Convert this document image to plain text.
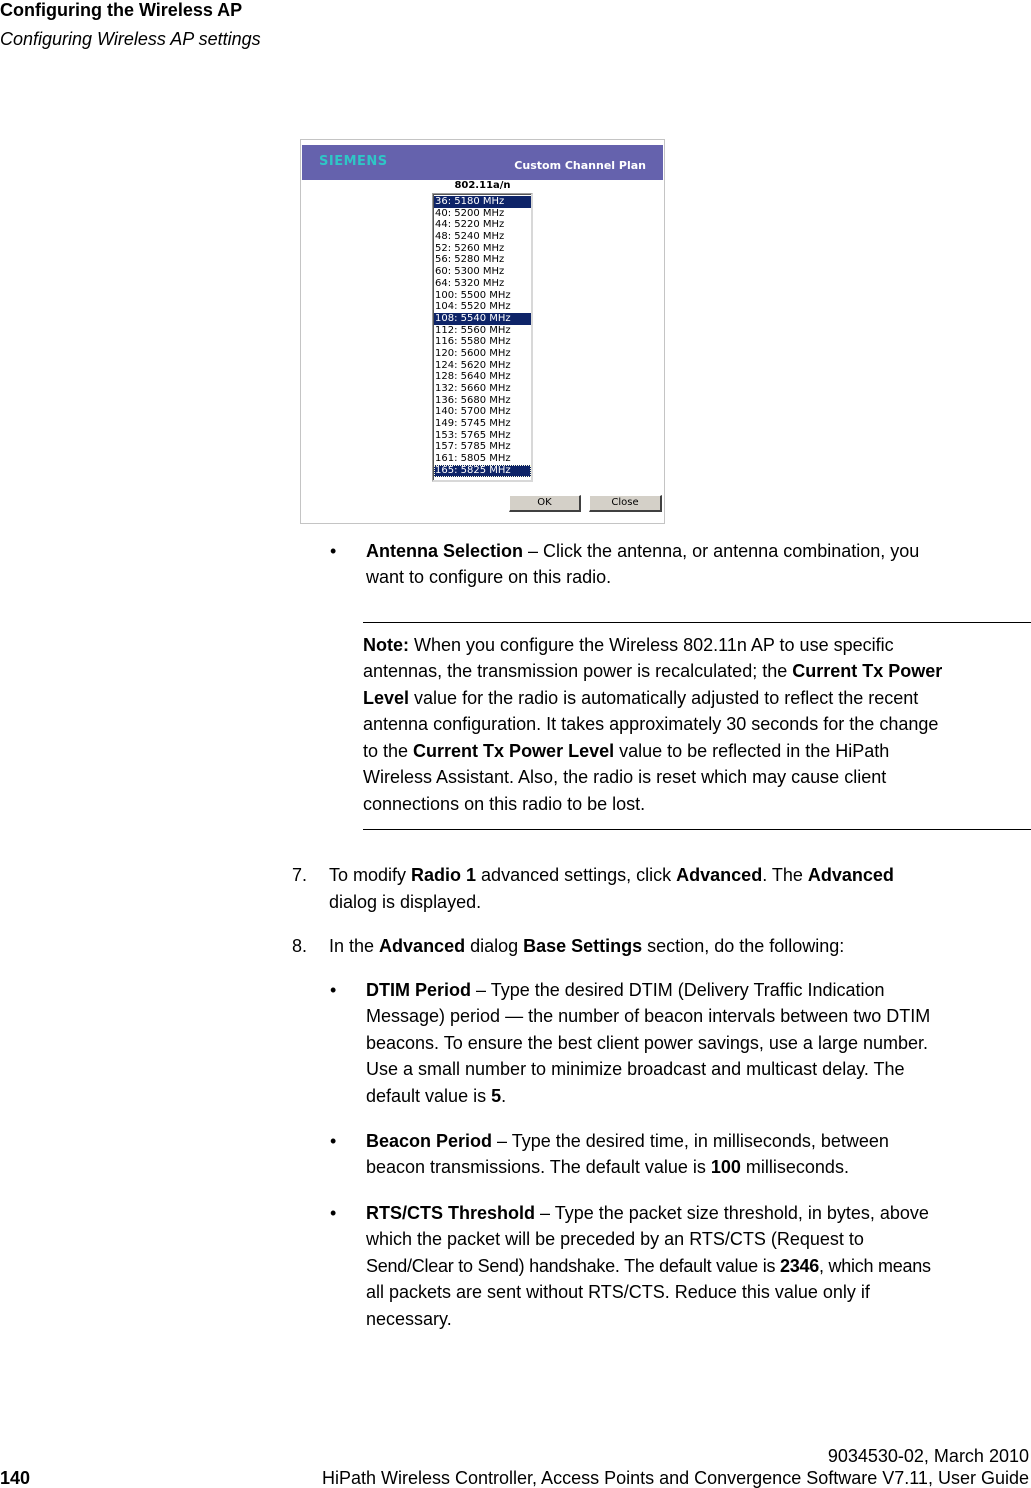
Configuring the Wireless AP
Configuring Wireless AP settings
SIEMENS	Custom Channel Plan
802.11a/n
36: 5180 MHz
40: 5200 MHz
44: 5220 MHz
48: 5240 MHz
52: 5260 MHz
56: 5280 MHz
60: 5300 MHz
64: 5320 MHz
100: 5500 MHz
104: 5520 MHz
108: 5540 MHz
112: 5560 MHz
116: 5580 MHz
120: 5600 MHz
124: 5620 MHz
128: 5640 MHz
132: 5660 MHz
136: 5680 MHz
140: 5700 MHz
149: 5745 MHz
153: 5765 MHz
157: 5785 MHz
161: 5805 MHz
165: 5825 MHz
OK	Close
• Antenna Selection – Click the antenna, or antenna combination, you
want to configure on this radio.
Note: When you configure the Wireless 802.11n AP to use specific
antennas, the transmission power is recalculated; the Current Tx Power
Level value for the radio is automatically adjusted to reflect the recent
antenna configuration. It takes approximately 30 seconds for the change
to the Current Tx Power Level value to be reflected in the HiPath
Wireless Assistant. Also, the radio is reset which may cause client
connections on this radio to be lost.
7. To modify Radio 1 advanced settings, click Advanced. The Advanced
dialog is displayed.
8. In the Advanced dialog Base Settings section, do the following:
• DTIM Period – Type the desired DTIM (Delivery Traffic Indication
Message) period — the number of beacon intervals between two DTIM
beacons. To ensure the best client power savings, use a large number.
Use a small number to minimize broadcast and multicast delay. The
default value is 5.
• Beacon Period – Type the desired time, in milliseconds, between
beacon transmissions. The default value is 100 milliseconds.
• RTS/CTS Threshold – Type the packet size threshold, in bytes, above
which the packet will be preceded by an RTS/CTS (Request to
Send/Clear to Send) handshake. The default value is 2346, which means
all packets are sent without RTS/CTS. Reduce this value only if
necessary.
9034530-02, March 2010
140	HiPath Wireless Controller, Access Points and Convergence Software V7.11, User Guide
